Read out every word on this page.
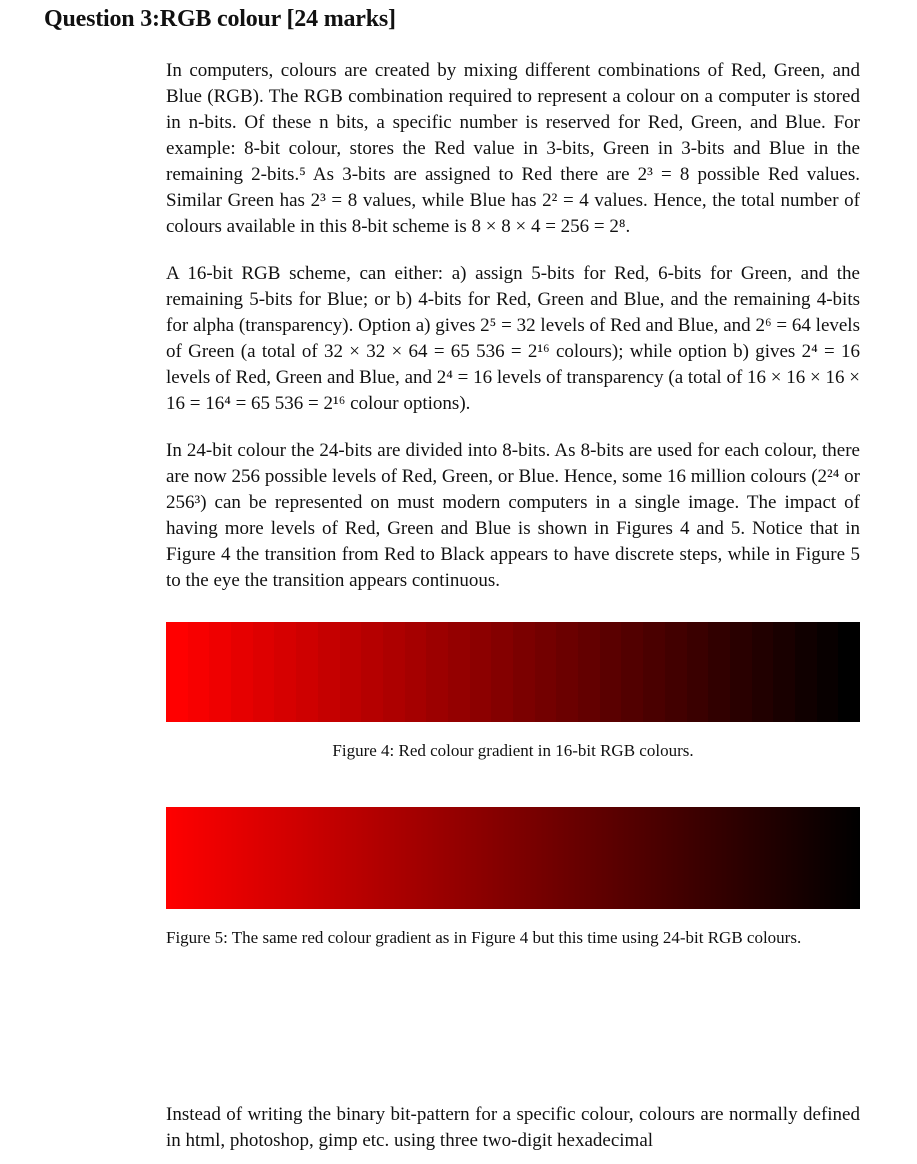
Question 3:RGB colour [24 marks]

In computers, colours are created by mixing different combinations of Red, Green, and Blue (RGB). The RGB combination required to represent a colour on a computer is stored in n-bits. Of these n bits, a specific number is reserved for Red, Green, and Blue. For example: 8-bit colour, stores the Red value in 3-bits, Green in 3-bits and Blue in the remaining 2-bits.⁵ As 3-bits are assigned to Red there are 2³ = 8 possible Red values. Similar Green has 2³ = 8 values, while Blue has 2² = 4 values. Hence, the total number of colours available in this 8-bit scheme is 8 × 8 × 4 = 256 = 2⁸.

A 16-bit RGB scheme, can either: a) assign 5-bits for Red, 6-bits for Green, and the remaining 5-bits for Blue; or b) 4-bits for Red, Green and Blue, and the remaining 4-bits for alpha (transparency). Option a) gives 2⁵ = 32 levels of Red and Blue, and 2⁶ = 64 levels of Green (a total of 32 × 32 × 64 = 65 536 = 2¹⁶ colours); while option b) gives 2⁴ = 16 levels of Red, Green and Blue, and 2⁴ = 16 levels of transparency (a total of 16 × 16 × 16 × 16 = 16⁴ = 65 536 = 2¹⁶ colour options).

In 24-bit colour the 24-bits are divided into 8-bits. As 8-bits are used for each colour, there are now 256 possible levels of Red, Green, or Blue. Hence, some 16 million colours (2²⁴ or 256³) can be represented on must modern computers in a single image. The impact of having more levels of Red, Green and Blue is shown in Figures 4 and 5. Notice that in Figure 4 the transition from Red to Black appears to have discrete steps, while in Figure 5 to the eye the transition appears continuous.

Figure 4: Red colour gradient in 16-bit RGB colours.
Figure 5: The same red colour gradient as in Figure 4 but this time using 24-bit RGB colours.

Instead of writing the binary bit-pattern for a specific colour, colours are normally defined in html, photoshop, gimp etc. using three two-digit hexadecimal
